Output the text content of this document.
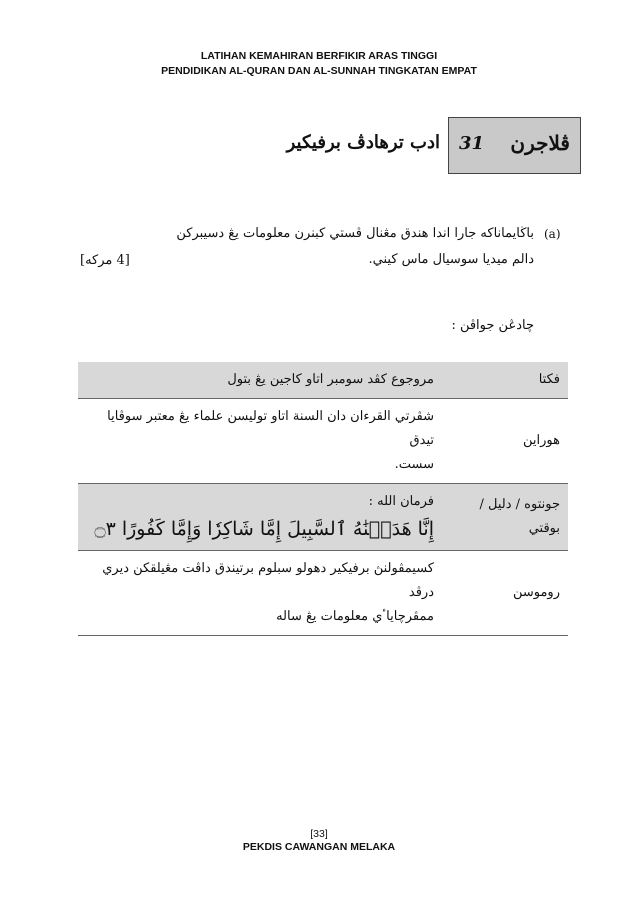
LATIHAN KEMAHIRAN BERFIKIR ARAS TINGGI
PENDIDIKAN AL-QURAN DAN AL-SUNNAH TINGKATAN EMPAT
ادب ترهادڤ برفيكير 31 ڤلاجرن
(a)
باڬايماناكه جارا اندا هندق مڠنال ڤستي كبنرن معلومات يڠ دسيبركن
دالم ميديا سوسيال ماس كيني.
[4 مركه]
چادڠن جواڤن :
فكتا	مروجوع كڤد سومبر اتاو كاجين يڠ بتول

هوراين	شڤرتي القرءان دان السنة اتاو توليسن علماء يڠ معتبر سوڤايا تيدق
سست.

جونتوه / دليل / بوقتي	فرمان الله :
إِنَّا هَدَيۡنَٰهُ ٱلسَّبِيلَ إِمَّا شَاكِرٗا وَإِمَّا كَفُورًا ۝٣

روموسن	كسيمڤولنڽ برفيكير دهولو سبلوم برتيندق داڤت مڠيلقكن ديري درڤد
ممڤرچاياٴي معلومات يڠ ساله
[33]
PEKDIS CAWANGAN MELAKA
